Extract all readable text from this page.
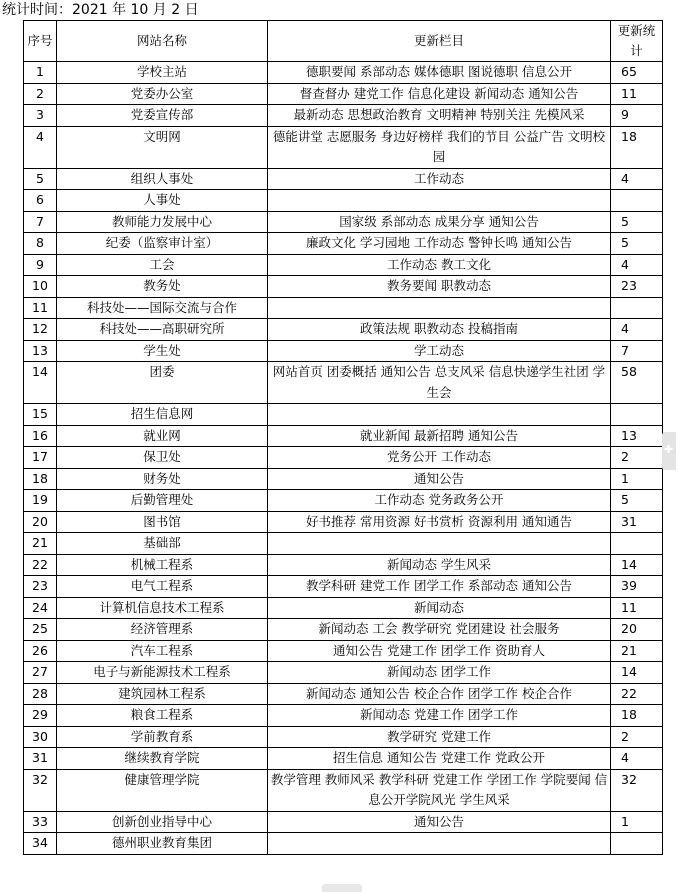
统计时间：2021 年 10 月 2 日
序号	网站名称	更新栏目	更新统计
1	学校主站	德职要闻 系部动态 媒体德职 图说德职 信息公开	65
2	党委办公室	督查督办 建党工作 信息化建设 新闻动态 通知公告	11
3	党委宣传部	最新动态 思想政治教育 文明精神 特别关注 先模风采	9
4	文明网	德能讲堂 志愿服务 身边好榜样 我们的节目 公益广告 文明校园	18
5	组织人事处	工作动态	4
6	人事处		
7	教师能力发展中心	国家级 系部动态 成果分享 通知公告	5
8	纪委（监察审计室）	廉政文化 学习园地 工作动态 警钟长鸣 通知公告	5
9	工会	工作动态 教工文化	4
10	教务处	教务要闻 职教动态	23
11	科技处——国际交流与合作		
12	科技处——高职研究所	政策法规 职教动态 投稿指南	4
13	学生处	学工动态	7
14	团委	网站首页 团委概括 通知公告 总支风采 信息快递学生社团 学生会	58
15	招生信息网		
16	就业网	就业新闻 最新招聘 通知公告	13
17	保卫处	党务公开 工作动态	2
18	财务处	通知公告	1
19	后勤管理处	工作动态 党务政务公开	5
20	图书馆	好书推荐 常用资源 好书赏析 资源利用 通知通告	31
21	基础部		
22	机械工程系	新闻动态 学生风采	14
23	电气工程系	教学科研 建党工作 团学工作 系部动态 通知公告	39
24	计算机信息技术工程系	新闻动态	11
25	经济管理系	新闻动态 工会 教学研究 党团建设 社会服务	20
26	汽车工程系	通知公告 党建工作 团学工作 资助育人	21
27	电子与新能源技术工程系	新闻动态 团学工作	14
28	建筑园林工程系	新闻动态 通知公告 校企合作 团学工作 校企合作	22
29	粮食工程系	新闻动态 党建工作 团学工作	18
30	学前教育系	教学研究 党建工作	2
31	继续教育学院	招生信息 通知公告 党建工作 党政公开	4
32	健康管理学院	教学管理 教师风采 教学科研 党建工作 学团工作 学院要闻 信息公开学院风光 学生风采	32
33	创新创业指导中心	通知公告	1
34	德州职业教育集团		
✚
